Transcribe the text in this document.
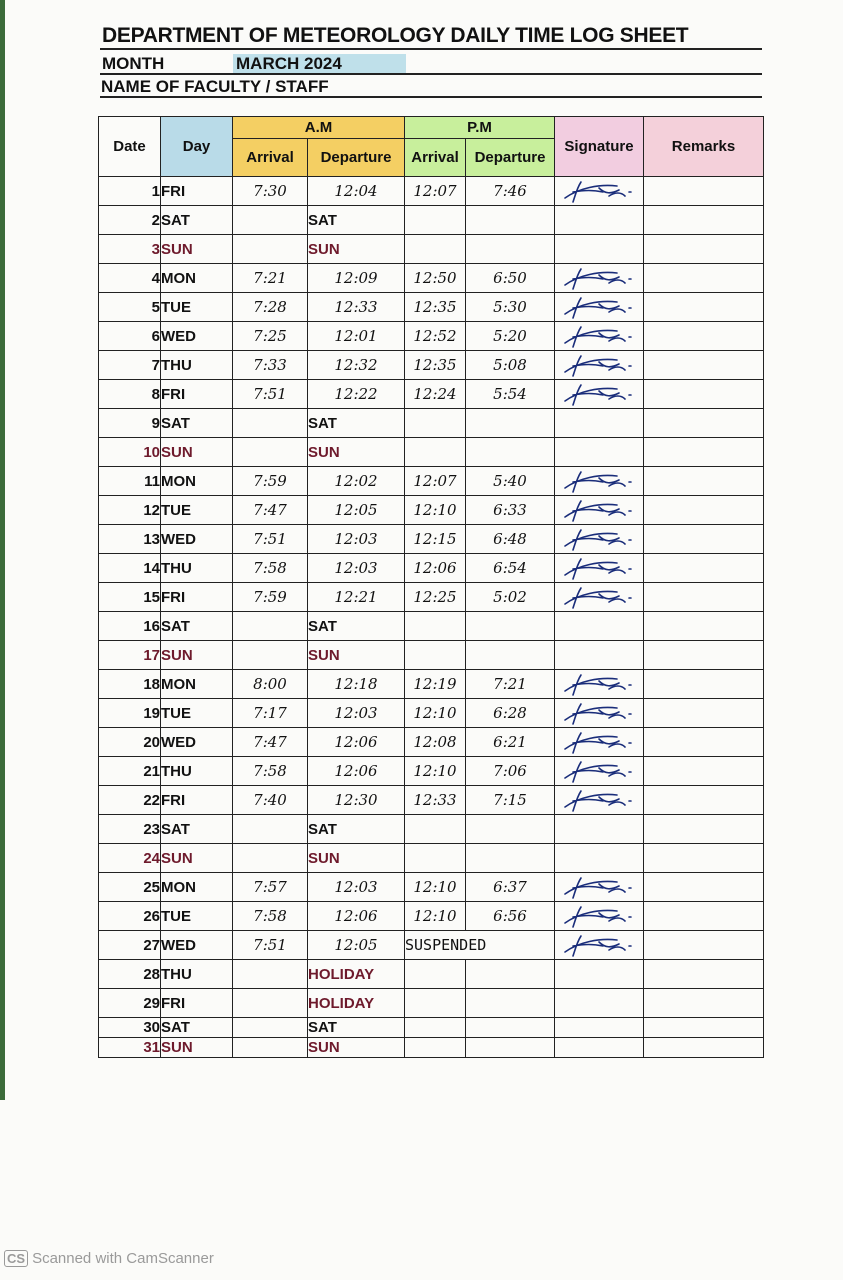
DEPARTMENT OF METEOROLOGY DAILY TIME LOG SHEET
MONTH	MARCH 2024
NAME OF FACULTY / STAFF
Date	Day	A.M		P.M		Signature	Remarks
		Arrival	Departure	Arrival	Departure		
1	FRI	7:30	12:04	12:07	7:46	

2	SAT		SAT				
3	SUN		SUN				
4	MON	7:21	12:09	12:50	6:50	

5	TUE	7:28	12:33	12:35	5:30	

6	WED	7:25	12:01	12:52	5:20	

7	THU	7:33	12:32	12:35	5:08	

8	FRI	7:51	12:22	12:24	5:54	

9	SAT		SAT				
10	SUN		SUN				
11	MON	7:59	12:02	12:07	5:40	

12	TUE	7:47	12:05	12:10	6:33	

13	WED	7:51	12:03	12:15	6:48	

14	THU	7:58	12:03	12:06	6:54	

15	FRI	7:59	12:21	12:25	5:02	

16	SAT		SAT				
17	SUN		SUN				
18	MON	8:00	12:18	12:19	7:21	

19	TUE	7:17	12:03	12:10	6:28	

20	WED	7:47	12:06	12:08	6:21	

21	THU	7:58	12:06	12:10	7:06	

22	FRI	7:40	12:30	12:33	7:15	

23	SAT		SAT				
24	SUN		SUN				
25	MON	7:57	12:03	12:10	6:37	

26	TUE	7:58	12:06	12:10	6:56	

27	WED	7:51	12:05	SUSPENDED	

28	THU		HOLIDAY				
29	FRI		HOLIDAY				
30	SAT		SAT				
31	SUN		SUN				
CS Scanned with CamScanner
